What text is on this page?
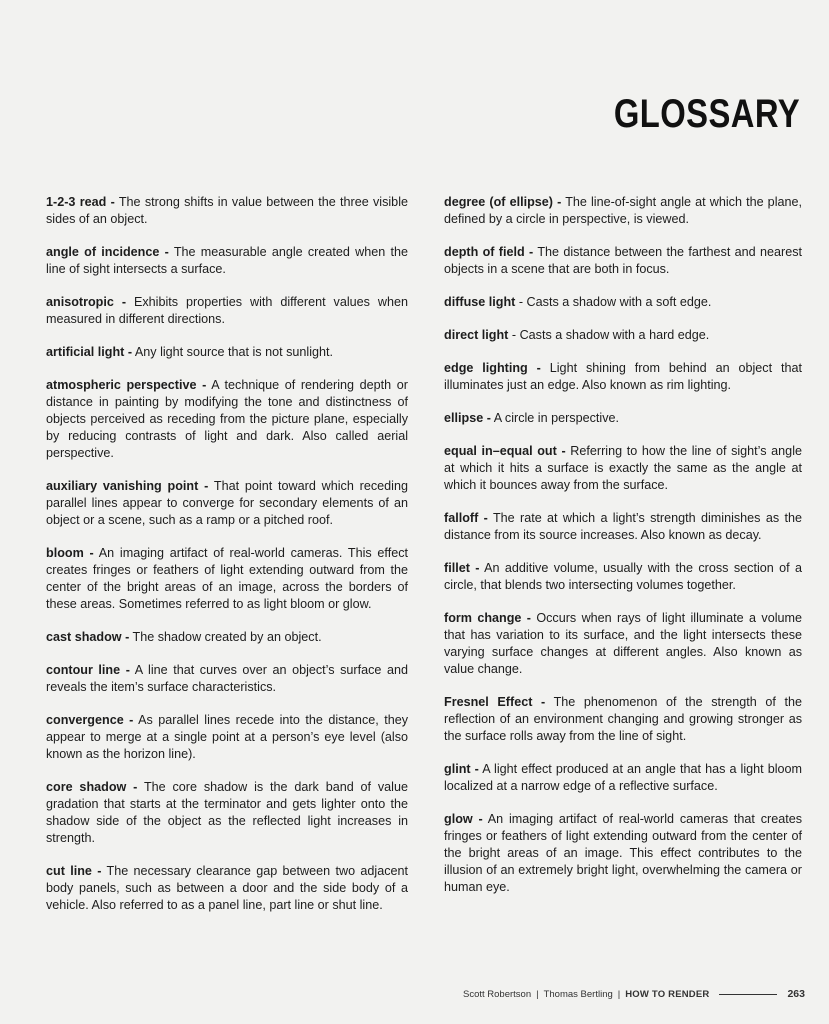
GLOSSARY

1-2-3 read - The strong shifts in value between the three visible sides of an object.

angle of incidence - The measurable angle created when the line of sight intersects a surface.

anisotropic - Exhibits properties with different values when measured in different directions.

artificial light - Any light source that is not sunlight.

atmospheric perspective - A technique of rendering depth or distance in painting by modifying the tone and distinctness of objects perceived as receding from the picture plane, especially by reducing contrasts of light and dark. Also called aerial perspective.

auxiliary vanishing point - That point toward which receding parallel lines appear to converge for secondary elements of an object or a scene, such as a ramp or a pitched roof.

bloom - An imaging artifact of real-world cameras. This effect creates fringes or feathers of light extending outward from the center of the bright areas of an image, across the borders of these areas. Sometimes referred to as light bloom or glow.

cast shadow - The shadow created by an object.

contour line - A line that curves over an object’s surface and reveals the item’s surface characteristics.

convergence - As parallel lines recede into the distance, they appear to merge at a single point at a person’s eye level (also known as the horizon line).

core shadow - The core shadow is the dark band of value gradation that starts at the terminator and gets lighter onto the shadow side of the object as the reflected light increases in strength.

cut line - The necessary clearance gap between two adjacent body panels, such as between a door and the side body of a vehicle. Also referred to as a panel line, part line or shut line.

degree (of ellipse) - The line-of-sight angle at which the plane, defined by a circle in perspective, is viewed.

depth of field - The distance between the farthest and nearest objects in a scene that are both in focus.

diffuse light - Casts a shadow with a soft edge.

direct light - Casts a shadow with a hard edge.

edge lighting - Light shining from behind an object that illuminates just an edge. Also known as rim lighting.

ellipse - A circle in perspective.

equal in–equal out - Referring to how the line of sight’s angle at which it hits a surface is exactly the same as the angle at which it bounces away from the surface.

falloff - The rate at which a light’s strength diminishes as the distance from its source increases. Also known as decay.

fillet - An additive volume, usually with the cross section of a circle, that blends two intersecting volumes together.

form change - Occurs when rays of light illuminate a volume that has variation to its surface, and the light intersects these varying surface changes at different angles. Also known as value change.

Fresnel Effect - The phenomenon of the strength of the reflection of an environment changing and growing stronger as the surface rolls away from the line of sight.

glint - A light effect produced at an angle that has a light bloom localized at a narrow edge of a reflective surface.

glow - An imaging artifact of real-world cameras that creates fringes or feathers of light extending outward from the center of the bright areas of an image. This effect contributes to the illusion of an extremely bright light, overwhelming the camera or human eye.

Scott Robertson | Thomas Bertling | HOW TO RENDER	263
